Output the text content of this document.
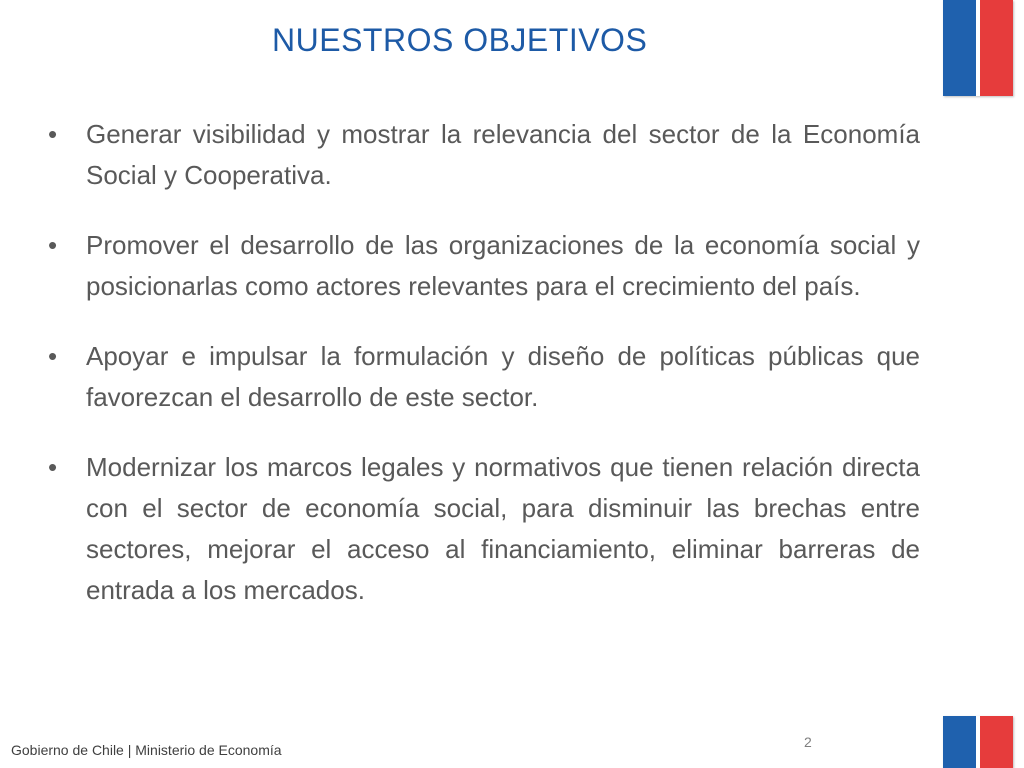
NUESTROS OBJETIVOS
• Generar visibilidad y mostrar la relevancia del sector de la Economía Social y Cooperativa.
• Promover el desarrollo de las organizaciones de la economía social y posicionarlas como actores relevantes para el crecimiento del país.
• Apoyar e impulsar la formulación y diseño de políticas públicas que favorezcan el desarrollo de este sector.
• Modernizar los marcos legales y normativos que tienen relación directa con el sector de economía social, para disminuir las brechas entre sectores, mejorar el acceso al financiamiento, eliminar barreras de entrada a los mercados.
Gobierno de Chile | Ministerio de Economía	2
